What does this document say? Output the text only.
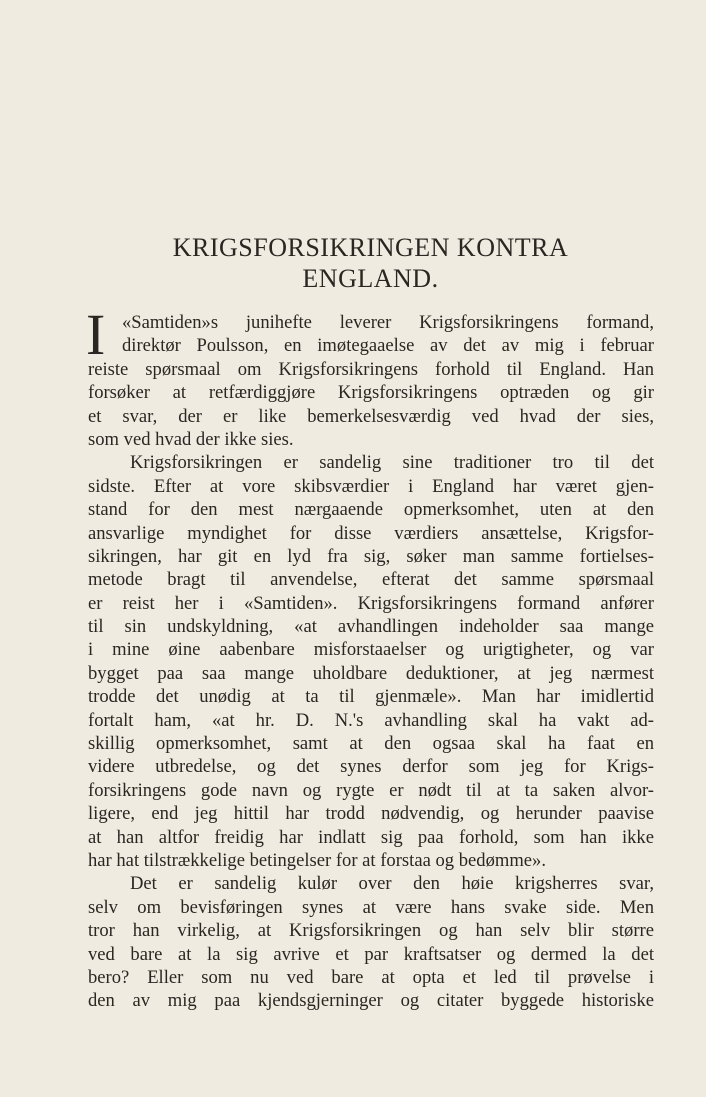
KRIGSFORSIKRINGEN KONTRA
ENGLAND.
I «Samtiden»s junihefte leverer Krigsforsikringens formand,
direktør Poulsson, en imøtegaaelse av det av mig i februar
reiste spørsmaal om Krigsforsikringens forhold til England. Han
forsøker at retfærdiggjøre Krigsforsikringens optræden og gir
et svar, der er like bemerkelsesværdig ved hvad der sies,
som ved hvad der ikke sies.
Krigsforsikringen er sandelig sine traditioner tro til det
sidste. Efter at vore skibsværdier i England har været gjen-
stand for den mest nærgaaende opmerksomhet, uten at den
ansvarlige myndighet for disse værdiers ansættelse, Krigsfor-
sikringen, har git en lyd fra sig, søker man samme fortielses-
metode bragt til anvendelse, efterat det samme spørsmaal
er reist her i «Samtiden». Krigsforsikringens formand anfører
til sin undskyldning, «at avhandlingen indeholder saa mange
i mine øine aabenbare misforstaaelser og urigtigheter, og var
bygget paa saa mange uholdbare deduktioner, at jeg nærmest
trodde det unødig at ta til gjenmæle». Man har imidlertid
fortalt ham, «at hr. D. N.'s avhandling skal ha vakt ad-
skillig opmerksomhet, samt at den ogsaa skal ha faat en
videre utbredelse, og det synes derfor som jeg for Krigs-
forsikringens gode navn og rygte er nødt til at ta saken alvor-
ligere, end jeg hittil har trodd nødvendig, og herunder paavise
at han altfor freidig har indlatt sig paa forhold, som han ikke
har hat tilstrækkelige betingelser for at forstaa og bedømme».
Det er sandelig kulør over den høie krigsherres svar,
selv om bevisføringen synes at være hans svake side. Men
tror han virkelig, at Krigsforsikringen og han selv blir større
ved bare at la sig avrive et par kraftsatser og dermed la det
bero? Eller som nu ved bare at opta et led til prøvelse i
den av mig paa kjendsgjerninger og citater byggede historiske
